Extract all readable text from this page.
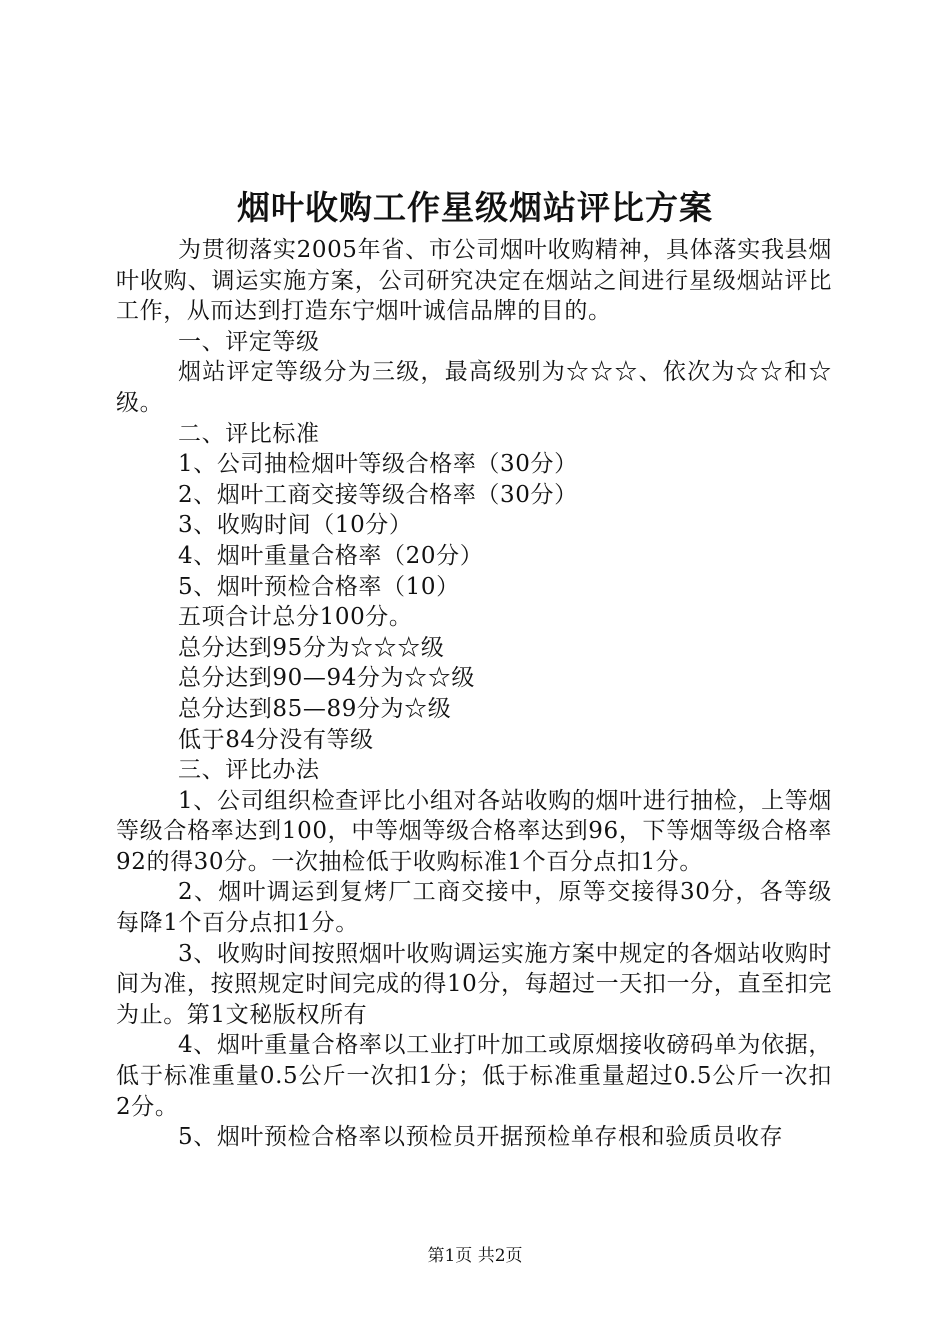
烟叶收购工作星级烟站评比方案

为贯彻落实2005年省、市公司烟叶收购精神，具体落实我县烟叶收购、调运实施方案，公司研究决定在烟站之间进行星级烟站评比工作，从而达到打造东宁烟叶诚信品牌的目的。

一、评定等级

烟站评定等级分为三级，最高级别为☆☆☆、依次为☆☆和☆级。

二、评比标准

1、公司抽检烟叶等级合格率（30分）

2、烟叶工商交接等级合格率（30分）

3、收购时间（10分）

4、烟叶重量合格率（20分）

5、烟叶预检合格率（10）

五项合计总分100分。

总分达到95分为☆☆☆级

总分达到90—94分为☆☆级

总分达到85—89分为☆级

低于84分没有等级

三、评比办法

1、公司组织检查评比小组对各站收购的烟叶进行抽检，上等烟等级合格率达到100，中等烟等级合格率达到96，下等烟等级合格率92的得30分。一次抽检低于收购标准1个百分点扣1分。

2、烟叶调运到复烤厂工商交接中，原等交接得30分，各等级每降1个百分点扣1分。

3、收购时间按照烟叶收购调运实施方案中规定的各烟站收购时间为准，按照规定时间完成的得10分，每超过一天扣一分，直至扣完为止。第1文秘版权所有

4、烟叶重量合格率以工业打叶加工或原烟接收磅码单为依据，低于标准重量0.5公斤一次扣1分；低于标准重量超过0.5公斤一次扣2分。

5、烟叶预检合格率以预检员开据预检单存根和验质员收存

第1页 共2页
